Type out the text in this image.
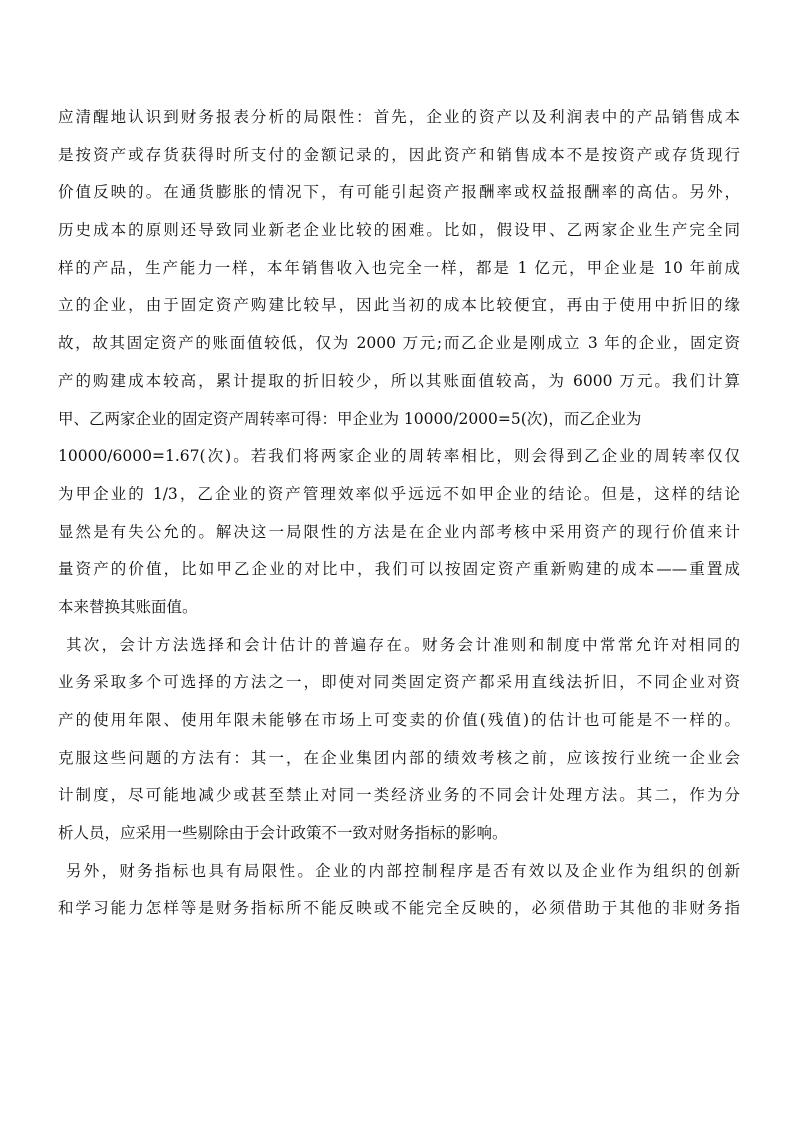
应清醒地认识到财务报表分析的局限性：首先，企业的资产以及利润表中的产品销售成本
是按资产或存货获得时所支付的金额记录的，因此资产和销售成本不是按资产或存货现行
价值反映的。在通货膨胀的情况下，有可能引起资产报酬率或权益报酬率的高估。另外，
历史成本的原则还导致同业新老企业比较的困难。比如，假设甲、乙两家企业生产完全同
样的产品，生产能力一样，本年销售收入也完全一样，都是 1 亿元，甲企业是 10 年前成
立的企业，由于固定资产购建比较早，因此当初的成本比较便宜，再由于使用中折旧的缘
故，故其固定资产的账面值较低，仅为 2000 万元;而乙企业是刚成立 3 年的企业，固定资
产的购建成本较高，累计提取的折旧较少，所以其账面值较高，为 6000 万元。我们计算
甲、乙两家企业的固定资产周转率可得：甲企业为 10000/2000=5(次)，而乙企业为
10000/6000=1.67(次)。若我们将两家企业的周转率相比，则会得到乙企业的周转率仅仅
为甲企业的 1/3，乙企业的资产管理效率似乎远远不如甲企业的结论。但是，这样的结论
显然是有失公允的。解决这一局限性的方法是在企业内部考核中采用资产的现行价值来计
量资产的价值，比如甲乙企业的对比中，我们可以按固定资产重新购建的成本——重置成
本来替换其账面值。
其次，会计方法选择和会计估计的普遍存在。财务会计准则和制度中常常允许对相同的
业务采取多个可选择的方法之一，即使对同类固定资产都采用直线法折旧，不同企业对资
产的使用年限、使用年限未能够在市场上可变卖的价值(残值)的估计也可能是不一样的。
克服这些问题的方法有：其一，在企业集团内部的绩效考核之前，应该按行业统一企业会
计制度，尽可能地减少或甚至禁止对同一类经济业务的不同会计处理方法。其二，作为分
析人员，应采用一些剔除由于会计政策不一致对财务指标的影响。
另外，财务指标也具有局限性。企业的内部控制程序是否有效以及企业作为组织的创新
和学习能力怎样等是财务指标所不能反映或不能完全反映的，必须借助于其他的非财务指
